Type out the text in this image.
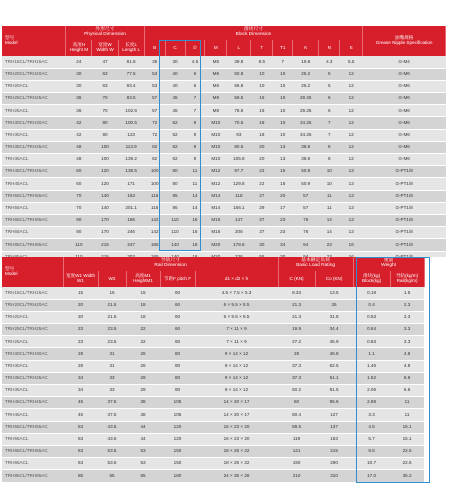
型号
Model	外形尺寸
Physical Dimension			滑块尺寸
Block Dimension										油嘴规格
Grease Nipple Specification
	高度H Height M	宽度W Width W	长度L Length L	B	C	∅	M	L	T	T1	K	N	E	
TRH15CL/TRH15AC	24	47	61.8	38	30	4.5	M5	39.8	8.5	7	19.8	4.3	5.5	G-M4
TRH20CL/TRH20AC	30	63	77.5	53	40	6	M6	50.8	10	10	25.2	5	12	G-M6
TRH20ACL	30	63	93.4	53	40	6	M6	66.8	10	10	25.2	5	12	G-M6
TRH25CL/TRH25AC	36	70	83.5	57	45	7	M8	59.5	16	10	29.25	6	12	G-M6
TRH25ACL	36	70	102.6	57	45	7	M8	78.6	16	10	29.25	6	12	G-M6
TRH30CL/TRH30AC	42	90	100.5	72	52	9	M10	70.5	18	10	34.25	7	12	G-M6
TRH30ACL	42	90	123	72	52	9	M10	93	18	10	34.25	7	12	G-M6
TRH35CL/TRH35AC	48	100	113.9	82	62	9	M10	80.5	20	13	38.8	8	12	G-M6
TRH35ACL	48	100	139.2	82	62	9	M10	105.8	20	13	38.8	8	12	G-M6
TRH45CL/TRH45AC	60	120	138.5	100	80	11	M12	97.7	22	15	50.9	10	13	G-PT1/8
TRH45ACL	60	120	171	100	80	11	M12	129.8	22	15	50.9	10	13	G-PT1/8
TRH55CL/TRH55AC	70	140	163	116	95	14	M14	118	27	20	57	11	13	G-PT1/8
TRH55ACL	70	140	201.1	116	95	14	M14	156.1	29	17	57	11	13	G-PT1/8
TRH65CL/TRH65AC	90	170	186	142	110	16	M16	147	37	23	76	14	13	G-PT1/8
TRH65ACL	90	170	246	142	110	16	M16	206	37	23	76	14	13	G-PT1/8
TRH85CL/TRH85AC	110	215	247	185	140	18	M20	178.6	30	34	94	23	16	G-PT1/8

型号
Model	导轨尺寸
Rail Dimension					基本额定负荷
Basic Load Rating		重量
Weight		
	宽度W1 Width W1	W2	高度M1 HeightM1	节距F pitch F	d1 × d2 × h	C (KN)	Co (KN)	滑块(kg) Block(kg)	导轨(kg/m) Rail(kg/m)	
TRH15CL/TRH15AC	15	16	15	60	4.5 × 7.5 × 5.3	8.33	13.5	0.19	1.5	
TRH20CL/TRH20AC	20	21.5	18	60	6 × 9.5 × 8.5	21.3	26	0.4	2.3	
TRH20ACL	20	21.5	18	60	6 × 9.5 × 8.5	21.3	31.8	0.53	2.3	
TRH25CL/TRH25AC	23	23.5	22	60	7 × 11 × 9	19.9	34.4	0.64	3.3	
TRH25ACL	23	23.5	22	60	7 × 11 × 9	27.2	45.9	0.83	3.3	
TRH30CL/TRH30AC	28	31	26	80	9 × 14 × 12	28	46.8	1.1	4.8	
TRH30ACL	28	31	26	80	9 × 14 × 12	37.3	62.5	1.46	4.8	
TRH35CL/TRH35AC	34	33	29	80	9 × 14 × 12	37.3	61.1	1.62	6.6	
TRH35ACL	34	33	29	80	9 × 14 × 12	50.2	81.5	2.06	6.6	
TRH45CL/TRH45AC	45	37.5	38	105	14 × 20 × 17	60	95.6	2.88	11	
TRH45ACL	45	37.5	38	105	14 × 20 × 17	80.4	127	3.3	11	
TRH55CL/TRH55AC	53	43.5	44	120	16 × 23 × 20	88.5	137	4.5	15.1	
TRH55ACL	53	43.5	44	120	16 × 23 × 20	119	183	5.7	15.1	
TRH65CL/TRH65AC	63	53.5	53	150	18 × 26 × 22	141	215	8.5	22.5	
TRH65ACL	63	53.5	53	150	18 × 26 × 22	190	290	10.7	22.5	
TRH85CL/TRH85AC	85	65	65	180	24 × 35 × 28	210	310	17.0	35.2	
